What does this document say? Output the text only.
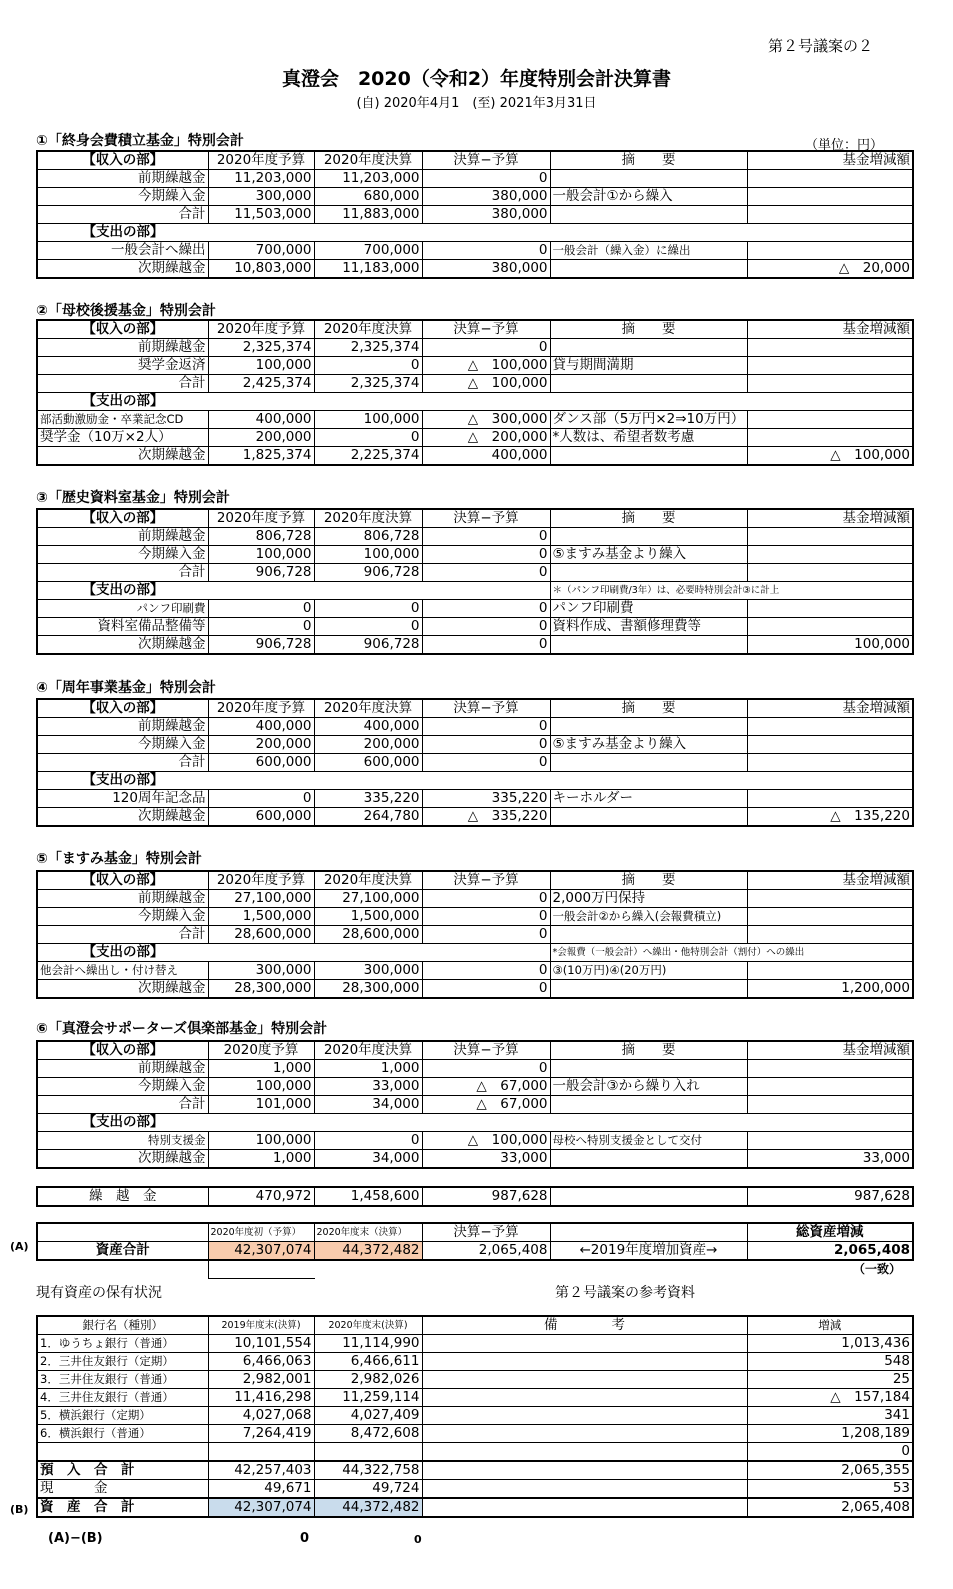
第２号議案の２
真澄会　2020（令和2）年度特別会計決算書
(自) 2020年4月1　(至) 2021年3月31日
（単位：円）
①「終身会費積立基金」特別会計
【収入の部】	2020年度予算	2020年度決算	決算−予算	摘　　要	基金増減額
前期繰越金	11,203,000	11,203,000	0		
今期繰入金	300,000	680,000	380,000	一般会計①から繰入	
合計	11,503,000	11,883,000	380,000		
【支出の部】					
一般会計へ繰出	700,000	700,000	0	一般会計（繰入金）に繰出	
次期繰越金	10,803,000	11,183,000	380,000		△　20,000
②「母校後援基金」特別会計
【収入の部】	2020年度予算	2020年度決算	決算−予算	摘　　要	基金増減額
前期繰越金	2,325,374	2,325,374	0		
奨学金返済	100,000	0	△　100,000	貸与期間満期	
合計	2,425,374	2,325,374	△　100,000		
【支出の部】					
部活動激励金・卒業記念CD	400,000	100,000	△　300,000	ダンス部（5万円×2⇒10万円）	
奨学金（10万×2人）	200,000	0	△　200,000	*人数は、希望者数考慮	
次期繰越金	1,825,374	2,225,374	400,000		△　100,000
③「歴史資料室基金」特別会計
【収入の部】	2020年度予算	2020年度決算	決算−予算	摘　　要	基金増減額
前期繰越金	806,728	806,728	0		
今期繰入金	100,000	100,000	0	⑤ますみ基金より繰入	
合計	906,728	906,728	0		
【支出の部】				＊（パンフ印刷費/3年）は、必要時特別会計③に計上	
パンフ印刷費	0	0	0	パンフ印刷費	
資料室備品整備等	0	0	0	資料作成、書額修理費等	
次期繰越金	906,728	906,728	0		100,000
④「周年事業基金」特別会計
【収入の部】	2020年度予算	2020年度決算	決算−予算	摘　　要	基金増減額
前期繰越金	400,000	400,000	0		
今期繰入金	200,000	200,000	0	⑤ますみ基金より繰入	
合計	600,000	600,000	0		
【支出の部】					
120周年記念品	0	335,220	335,220	キーホルダー	
次期繰越金	600,000	264,780	△　335,220		△　135,220
⑤「ますみ基金」特別会計
【収入の部】	2020年度予算	2020年度決算	決算−予算	摘　　要	基金増減額
前期繰越金	27,100,000	27,100,000	0	2,000万円保持	
今期繰入金	1,500,000	1,500,000	0	一般会計②から繰入(会報費積立)	
合計	28,600,000	28,600,000	0		
【支出の部】				*会報費（一般会計）へ繰出・他特別会計（割付）への繰出	
他会計へ繰出し・付け替え	300,000	300,000	0	③(10万円)④(20万円)	
次期繰越金	28,300,000	28,300,000	0		1,200,000
⑥「真澄会サポーターズ倶楽部基金」特別会計
【収入の部】	2020度予算	2020年度決算	決算−予算	摘　　要	基金増減額
前期繰越金	1,000	1,000	0		
今期繰入金	100,000	33,000	△　67,000	一般会計③から繰り入れ	
合計	101,000	34,000	△　67,000		
【支出の部】					
特別支援金	100,000	0	△　100,000	母校へ特別支援金として交付	
次期繰越金	1,000	34,000	33,000		33,000
繰　越　金	470,972	1,458,600	987,628		987,628
(A)
	2020年度初（予算）	2020年度末（決算）	決算−予算		総資産増減
資産合計	42,307,074	44,372,482	2,065,408	←2019年度増加資産→	2,065,408
（一致）
現有資産の保有状況	第２号議案の参考資料
銀行名（種別）	2019年度末(決算)	2020年度末(決算)	備　　　　考	増減
1．ゆうちょ銀行（普通）	10,101,554	11,114,990		1,013,436
2．三井住友銀行（定期）	6,466,063	6,466,611		548
3．三井住友銀行（普通）	2,982,001	2,982,026		25
4．三井住友銀行（普通）	11,416,298	11,259,114		△　157,184
5．横浜銀行（定期）	4,027,068	4,027,409		341
6．横浜銀行（普通）	7,264,419	8,472,608		1,208,189
				0
預　入　合　計	42,257,403	44,322,758		2,065,355
現　　　金	49,671	49,724		53
資　産　合　計	42,307,074	44,372,482		2,065,408
(B)
(A)−(B)	0	0
